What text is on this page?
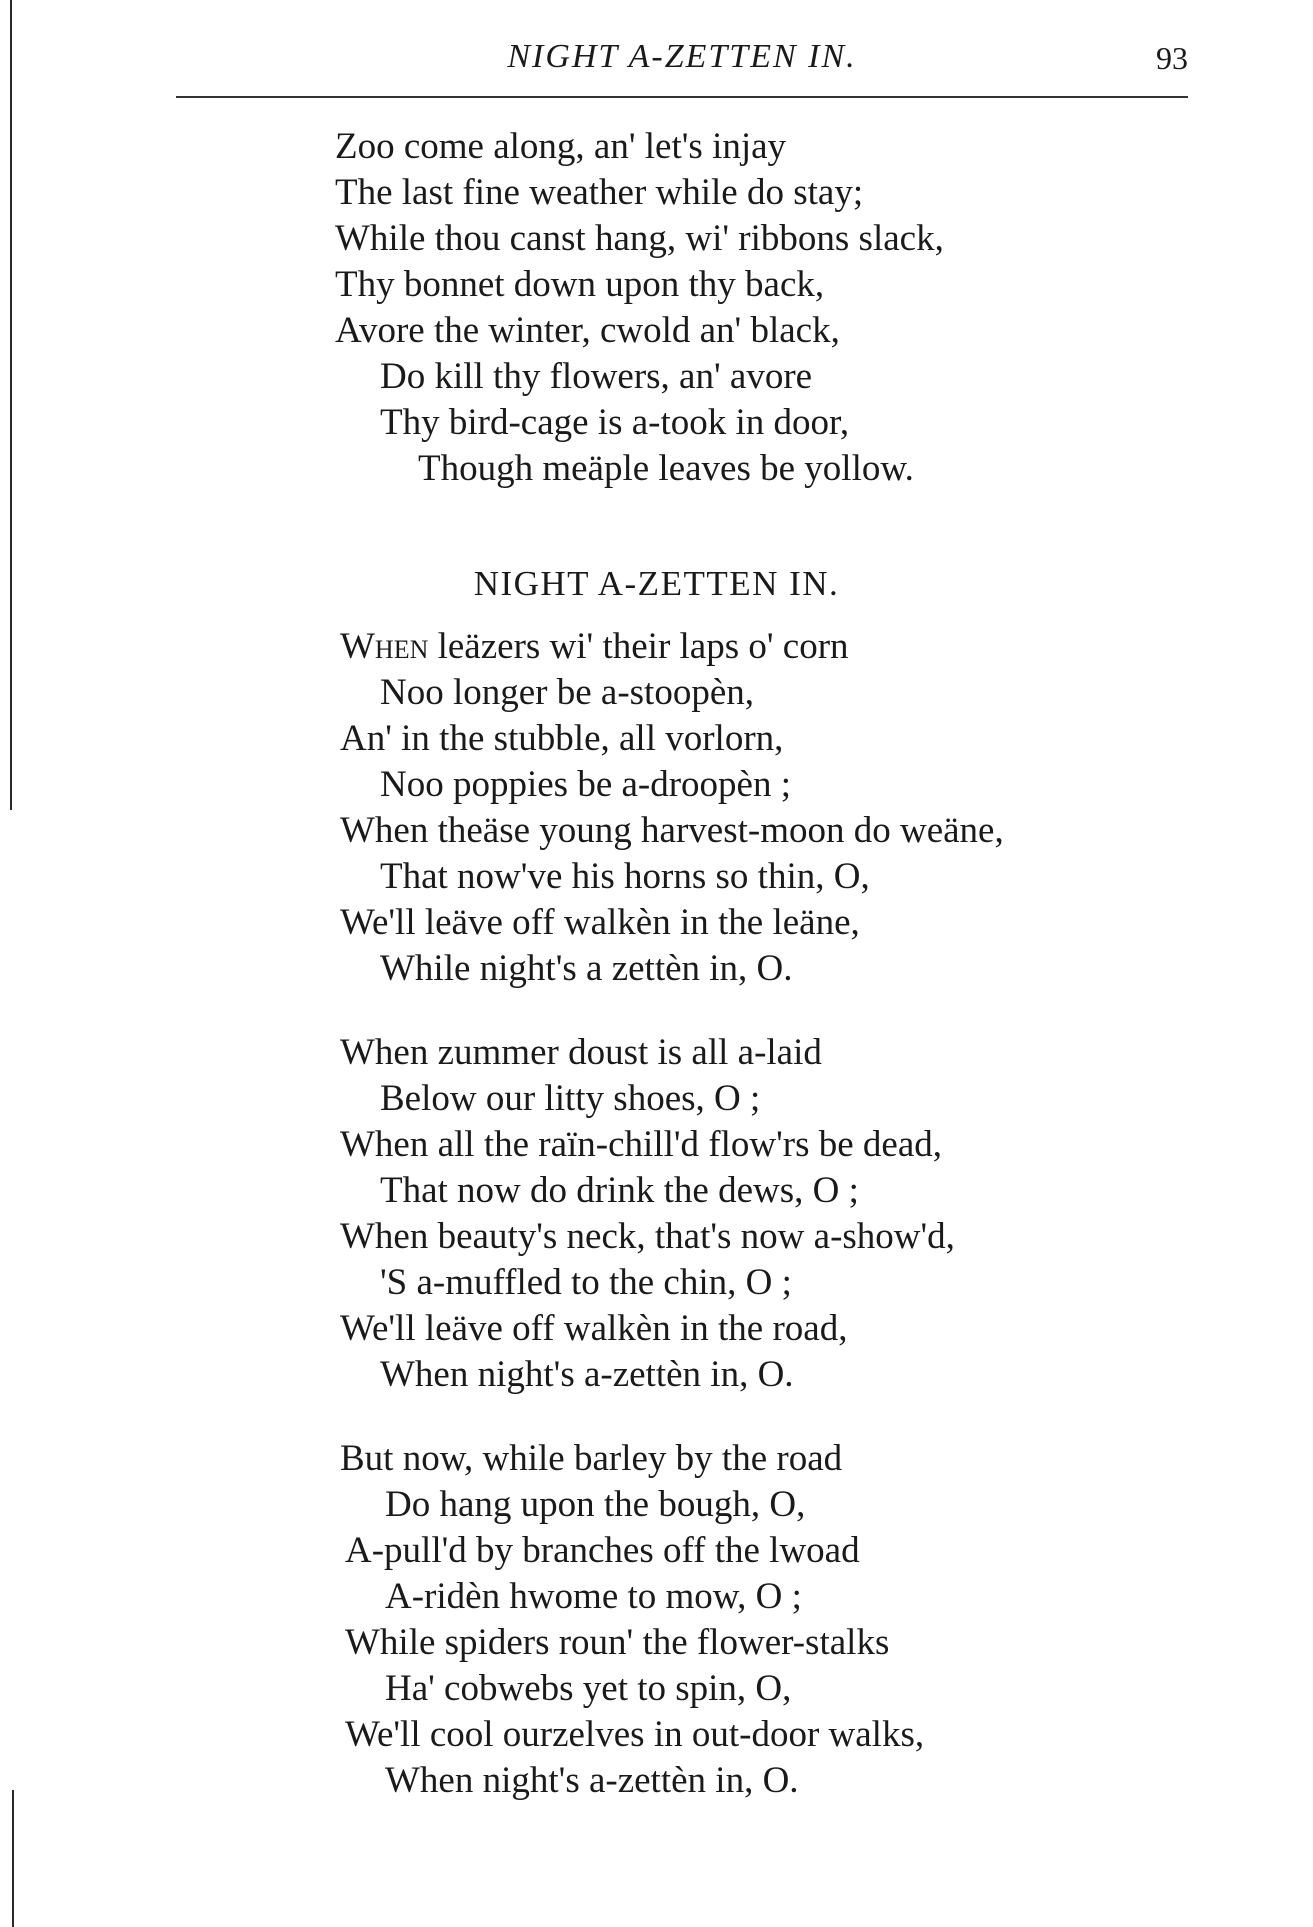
NIGHT A-ZETTEN IN.	93
Zoo come along, an' let's injay
The last fine weather while do stay;
While thou canst hang, wi' ribbons slack,
Thy bonnet down upon thy back,
Avore the winter, cwold an' black,
Do kill thy flowers, an' avore
Thy bird-cage is a-took in door,
Though meäple leaves be yollow.
NIGHT A-ZETTEN IN.
When leäzers wi' their laps o' corn
Noo longer be a-stoopèn,
An' in the stubble, all vorlorn,
Noo poppies be a-droopèn ;
When theäse young harvest-moon do weäne,
That now've his horns so thin, O,
We'll leäve off walkèn in the leäne,
While night's a zettèn in, O.
When zummer doust is all a-laid
Below our litty shoes, O ;
When all the raïn-chill'd flow'rs be dead,
That now do drink the dews, O ;
When beauty's neck, that's now a-show'd,
'S a-muffled to the chin, O ;
We'll leäve off walkèn in the road,
When night's a-zettèn in, O.
But now, while barley by the road
Do hang upon the bough, O,
A-pull'd by branches off the lwoad
A-ridèn hwome to mow, O ;
While spiders roun' the flower-stalks
Ha' cobwebs yet to spin, O,
We'll cool ourzelves in out-door walks,
When night's a-zettèn in, O.
